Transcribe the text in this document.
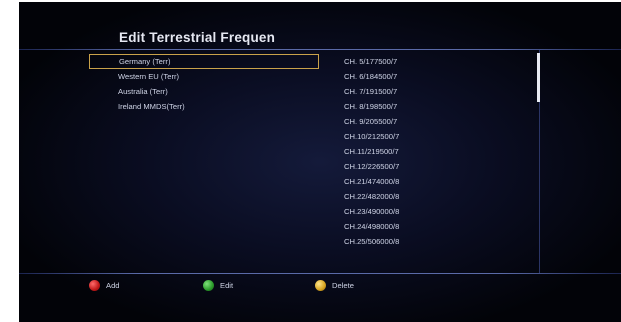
Edit Terrestrial Frequen
Germany (Terr)
Western EU (Terr)
Australia (Terr)
Ireland MMDS(Terr)
CH. 5/177500/7
CH. 6/184500/7
CH. 7/191500/7
CH. 8/198500/7
CH. 9/205500/7
CH.10/212500/7
CH.11/219500/7
CH.12/226500/7
CH.21/474000/8
CH.22/482000/8
CH.23/490000/8
CH.24/498000/8
CH.25/506000/8
Add	Edit	Delete
